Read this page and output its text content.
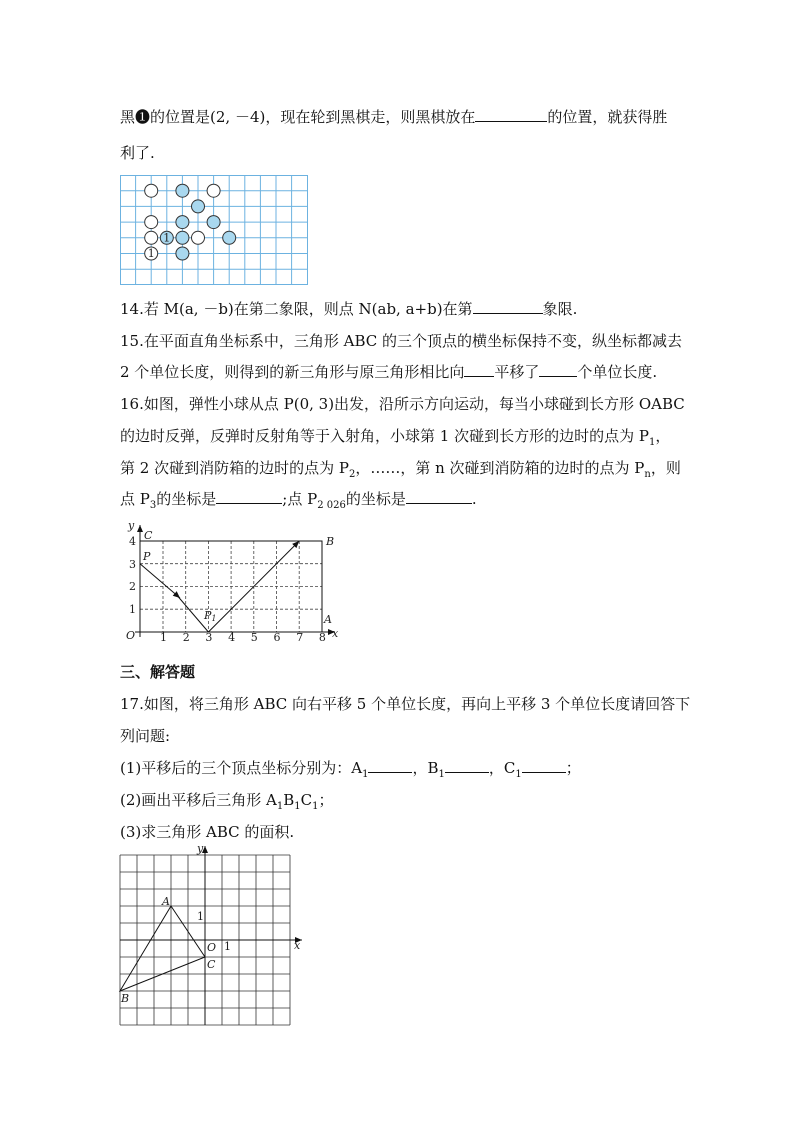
黑❶的位置是(2, －4)，现在轮到黑棋走，则黑棋放在	的位置，就获得胜
利了.
1
1
14.若 M(a, －b)在第二象限，则点 N(ab, a+b)在第	象限.
15.在平面直角坐标系中，三角形 ABC 的三个顶点的横坐标保持不变，纵坐标都减去
2 个单位长度，则得到的新三角形与原三角形相比向 平移了	个单位长度.
16.如图，弹性小球从点 P(0, 3)出发，沿所示方向运动，每当小球碰到长方形 OABC
的边时反弹，反弹时反射角等于入射角，小球第 1 次碰到长方形的边时的点为 $P_1$，
第 2 次碰到消防箱的边时的点为 $P_2$，……，第 n 次碰到消防箱的边时的点为 $P_n$，则
点 $P_3$的坐标是	;点 $P_{2 026}$的坐标是	.
y
x
O 1 2 3 4 5 6 7 8
1
2
3
4 C
P
P1
B
A
三、解答题
17.如图，将三角形 ABC 向右平移 5 个单位长度，再向上平移 3 个单位长度请回答下
列问题:
(1)平移后的三个顶点坐标分别为：$A_1$	，$B_1$	，$C_1$	；
(2)画出平移后三角形 $A_1B_1C_1$；
(3)求三角形 ABC 的面积.
y
x
O 1
1
A
B
C
